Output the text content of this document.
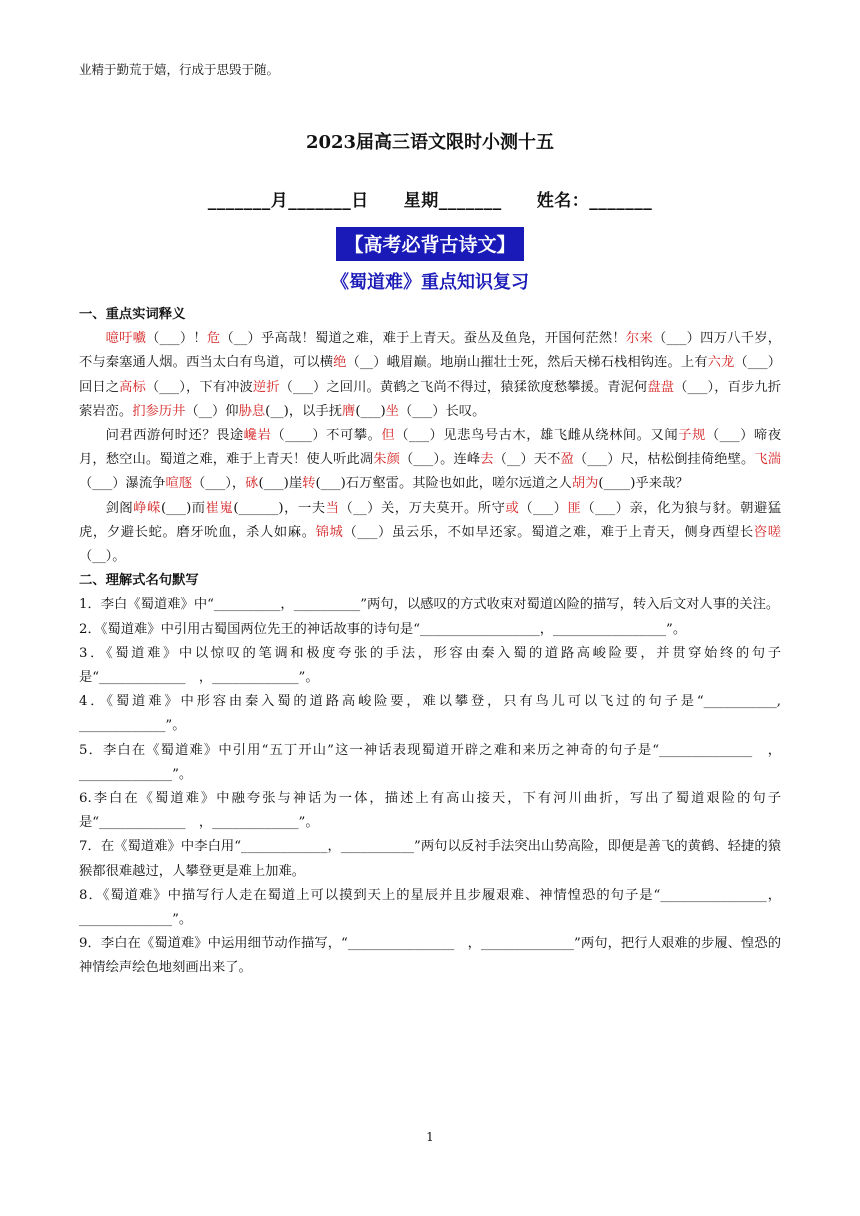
业精于勤荒于嬉，行成于思毁于随。
2023届高三语文限时小测十五
_______月_______日　　星期_______　　姓名：_______
【高考必背古诗文】
《蜀道难》重点知识复习
一、重点实词释义
噫吁嚱（___）！危（__）乎高哉！蜀道之难，难于上青天。蚕丛及鱼凫，开国何茫然！尔来（___）四万八千岁，不与秦塞通人烟。西当太白有鸟道，可以横绝（__）峨眉巅。地崩山摧壮士死，然后天梯石栈相钩连。上有六龙（___）回日之高标（___），下有冲波逆折（___）之回川。黄鹤之飞尚不得过，猿猱欲度愁攀援。青泥何盘盘（___），百步九折萦岩峦。扪参历井（__）仰胁息(__)，以手抚膺(___)坐（___）长叹。
问君西游何时还？畏途巉岩（____）不可攀。但（___）见悲鸟号古木，雄飞雌从绕林间。又闻子规（___）啼夜月，愁空山。蜀道之难，难于上青天！使人听此凋朱颜（___）。连峰去（__）天不盈（___）尺，枯松倒挂倚绝壁。飞湍（___）瀑流争喧豗（___），砯(___)崖转(___)石万壑雷。其险也如此，嗟尔远道之人胡为(____)乎来哉？
剑阁峥嵘(___)而崔嵬(______)，一夫当（__）关，万夫莫开。所守或（___）匪（___）亲，化为狼与豺。朝避猛虎，夕避长蛇。磨牙吮血，杀人如麻。锦城（___）虽云乐，不如早还家。蜀道之难，难于上青天，侧身西望长咨嗟（__）。
二、理解式名句默写
1．李白《蜀道难》中“__________，__________”两句，以感叹的方式收束对蜀道凶险的描写，转入后文对人事的关注。
2．《蜀道难》中引用古蜀国两位先王的神话故事的诗句是“__________________，_________________”。
3．《蜀道难》中以惊叹的笔调和极度夸张的手法，形容由秦入蜀的道路高峻险要，并贯穿始终的句子是“_____________　，_____________”。
4．《蜀道难》中形容由秦入蜀的道路高峻险要，难以攀登，只有鸟儿可以飞过的句子是“___________,　　_____________”。
5．李白在《蜀道难》中引用“五丁开山”这一神话表现蜀道开辟之难和来历之神奇的句子是“______________　，______________”。
6.李白在《蜀道难》中融夸张与神话为一体，描述上有高山接天，下有河川曲折，写出了蜀道艰险的句子是“_____________　，_____________”。
7．在《蜀道难》中李白用“_____________，___________”两句以反衬手法突出山势高险，即便是善飞的黄鹤、轻捷的猿猴都很难越过，人攀登更是难上加难。
8．《蜀道难》中描写行人走在蜀道上可以摸到天上的星辰并且步履艰难、神情惶恐的句子是“________________，______________”。
9．李白在《蜀道难》中运用细节动作描写，“________________　，______________”两句，把行人艰难的步履、惶恐的神情绘声绘色地刻画出来了。
1
